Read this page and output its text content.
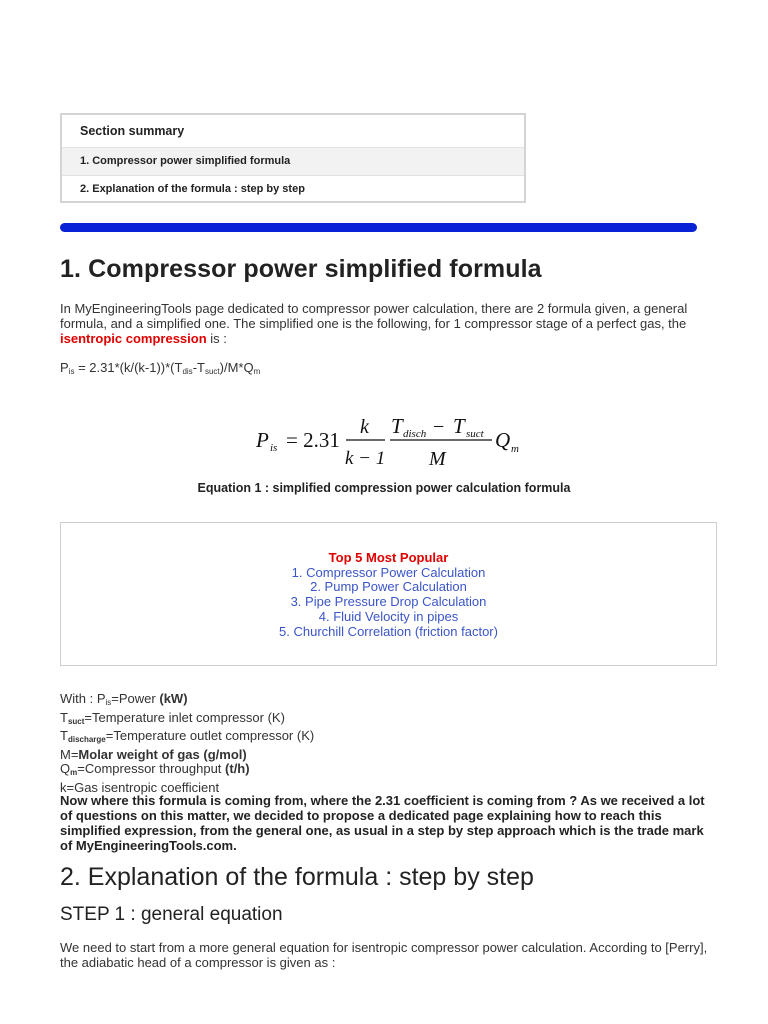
Section summary
1. Compressor power simplified formula
2. Explanation of the formula : step by step
1. Compressor power simplified formula

In MyEngineeringTools page dedicated to compressor power calculation, there are 2 formula given, a general formula, and a simplified one. The simplified one is the following, for 1 compressor stage of a perfect gas, the isentropic compression is :

$P_{is} = 2.31*(k/(k-1))*(T_{dis}-T_{suct})/M*Q_m$

P is = 2.31
k
k − 1
T disch − T suct
M
Q m
Equation 1 : simplified compression power calculation formula
Top 5 Most Popular
1. Compressor Power Calculation
2. Pump Power Calculation
3. Pipe Pressure Drop Calculation
4. Fluid Velocity in pipes
5. Churchill Correlation (friction factor)
With : $P_{is}=Power$ (kW)
$T_{suct}=Temperature$ inlet compressor (K)
$T_{discharge}=Temperature$ outlet compressor (K)
M=Molar weight of gas (g/mol)
$Q_m=Compressor$ throughput (t/h)
k=Gas isentropic coefficient
Now where this formula is coming from, where the 2.31 coefficient is coming from ? As we received a lot of questions on this matter, we decided to propose a dedicated page explaining how to reach this simplified expression, from the general one, as usual in a step by step approach which is the trade mark of MyEngineeringTools.com.
2. Explanation of the formula : step by step
STEP 1 : general equation

We need to start from a more general equation for isentropic compressor power calculation. According to [Perry], the adiabatic head of a compressor is given as :
